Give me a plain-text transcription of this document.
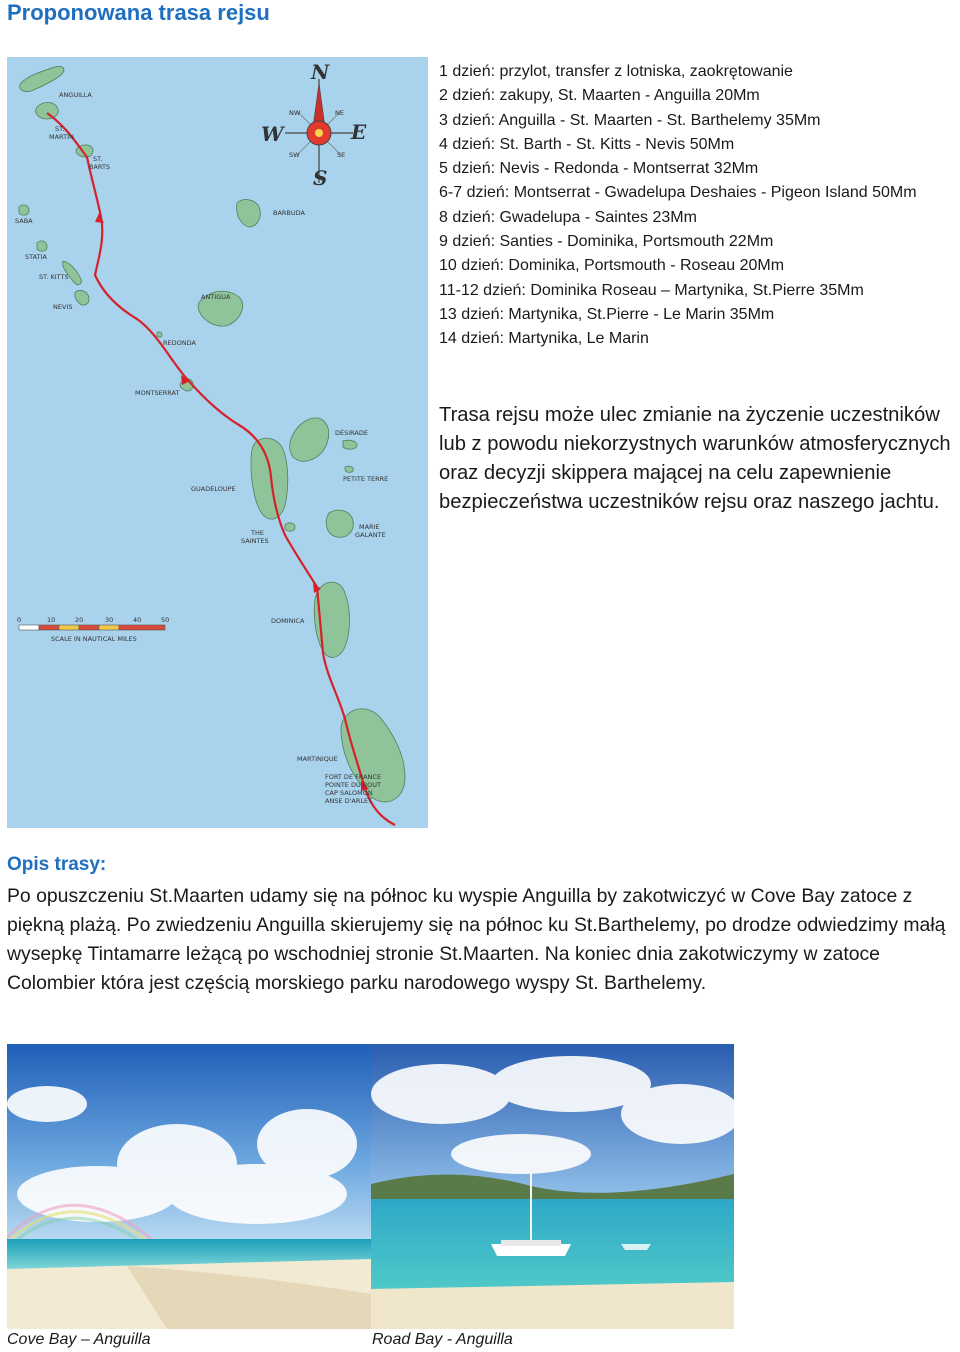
Proponowana trasa rejsu
N
S
E
W
NE
NW
SE
SW
ANGUILLA
ST.
MARTIN
ST.
BARTS
BARBUDA
SABA
STATIA
ST. KITTS
NEVIS
ANTIGUA
REDONDA
MONTSERRAT
DÉSIRADE
PETITE TERRE
GUADELOUPE
THE
SAINTES
MARIE
GALANTE
DOMINICA
MARTINIQUE
FORT DE FRANCE
POINTE DU BOUT
CAP SALOMON
ANSE D'ARLET
0	10	20	30	40	50
SCALE IN NAUTICAL MILES
1 dzień: przylot, transfer z lotniska, zaokrętowanie
2 dzień: zakupy, St. Maarten - Anguilla 20Mm
3 dzień: Anguilla - St. Maarten - St. Barthelemy 35Mm
4 dzień: St. Barth - St. Kitts - Nevis 50Mm
5 dzień: Nevis - Redonda - Montserrat 32Mm
6-7 dzień: Montserrat - Gwadelupa Deshaies - Pigeon Island 50Mm
8 dzień: Gwadelupa - Saintes 23Mm
9 dzień: Santies - Dominika, Portsmouth 22Mm
10 dzień: Dominika, Portsmouth - Roseau 20Mm
11-12 dzień: Dominika Roseau – Martynika, St.Pierre 35Mm
13 dzień: Martynika, St.Pierre - Le Marin 35Mm
14 dzień: Martynika, Le Marin

Trasa rejsu może ulec zmianie na życzenie uczestników lub z powodu niekorzystnych warunków atmosferycznych oraz decyzji skippera mającej na celu zapewnienie bezpieczeństwa uczestników rejsu oraz naszego jachtu.

Opis trasy:

Po opuszczeniu St.Maarten udamy się na północ ku wyspie Anguilla by zakotwiczyć w Cove Bay zatoce z piękną plażą. Po zwiedzeniu Anguilla skierujemy się na północ ku St.Barthelemy, po drodze odwiedzimy małą wysepkę Tintamarre leżącą po wschodniej stronie St.Maarten. Na koniec dnia zakotwiczymy w zatoce Colombier która jest częścią morskiego parku narodowego wyspy St. Barthelemy.

Cove Bay – Anguilla	Road Bay - Anguilla
